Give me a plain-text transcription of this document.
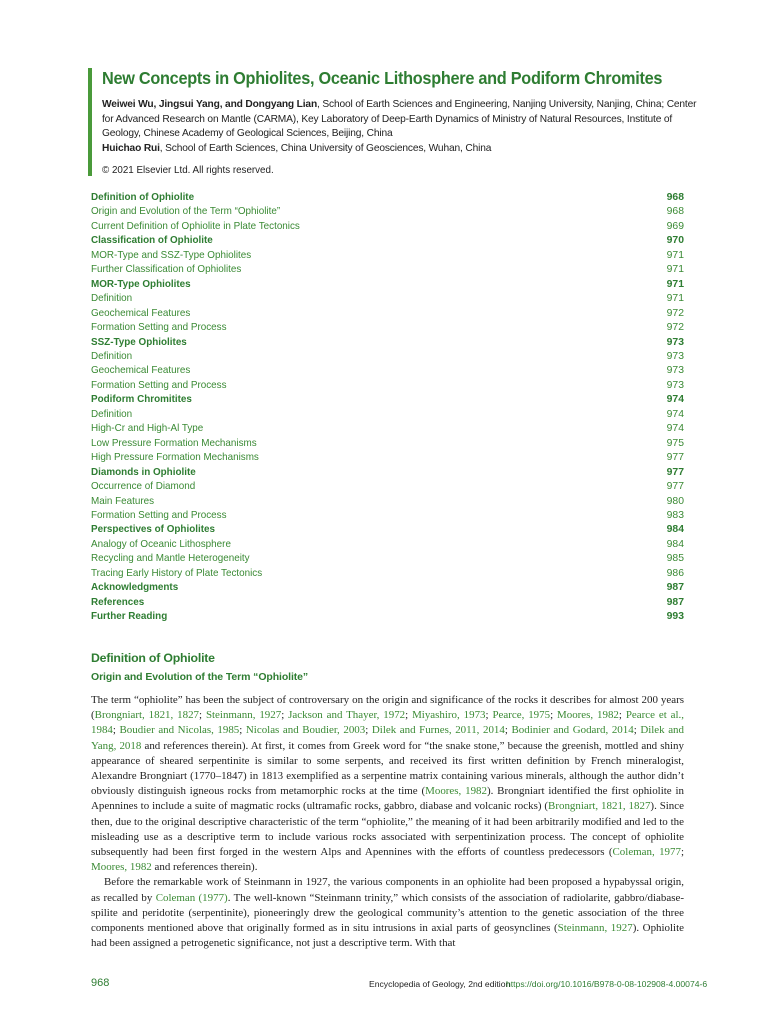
New Concepts in Ophiolites, Oceanic Lithosphere and Podiform Chromites

Weiwei Wu, Jingsui Yang, and Dongyang Lian, School of Earth Sciences and Engineering, Nanjing University, Nanjing, China; Center for Advanced Research on Mantle (CARMA), Key Laboratory of Deep-Earth Dynamics of Ministry of Natural Resources, Institute of Geology, Chinese Academy of Geological Sciences, Beijing, China
Huichao Rui, School of Earth Sciences, China University of Geosciences, Wuhan, China

© 2021 Elsevier Ltd. All rights reserved.
Definition of Ophiolite	968
Origin and Evolution of the Term “Ophiolite”	968
Current Definition of Ophiolite in Plate Tectonics	969
Classification of Ophiolite	970
MOR-Type and SSZ-Type Ophiolites	971
Further Classification of Ophiolites	971
MOR-Type Ophiolites	971
Definition	971
Geochemical Features	972
Formation Setting and Process	972
SSZ-Type Ophiolites	973
Definition	973
Geochemical Features	973
Formation Setting and Process	973
Podiform Chromitites	974
Definition	974
High-Cr and High-Al Type	974
Low Pressure Formation Mechanisms	975
High Pressure Formation Mechanisms	977
Diamonds in Ophiolite	977
Occurrence of Diamond	977
Main Features	980
Formation Setting and Process	983
Perspectives of Ophiolites	984
Analogy of Oceanic Lithosphere	984
Recycling and Mantle Heterogeneity	985
Tracing Early History of Plate Tectonics	986
Acknowledgments	987
References	987
Further Reading	993
Definition of Ophiolite
Origin and Evolution of the Term “Ophiolite”

The term “ophiolite” has been the subject of controversary on the origin and significance of the rocks it describes for almost 200 years (Brongniart, 1821, 1827; Steinmann, 1927; Jackson and Thayer, 1972; Miyashiro, 1973; Pearce, 1975; Moores, 1982; Pearce et al., 1984; Boudier and Nicolas, 1985; Nicolas and Boudier, 2003; Dilek and Furnes, 2011, 2014; Bodinier and Godard, 2014; Dilek and Yang, 2018 and references therein). At first, it comes from Greek word for “the snake stone,” because the greenish, mottled and shiny appearance of sheared serpentinite is similar to some serpents, and received its first written definition by French mineralogist, Alexandre Brongniart (1770–1847) in 1813 exemplified as a serpentine matrix containing various minerals, although the author didn’t obviously distinguish igneous rocks from metamorphic rocks at the time (Moores, 1982). Brongniart identified the first ophiolite in Apennines to include a suite of magmatic rocks (ultramafic rocks, gabbro, diabase and volcanic rocks) (Brongniart, 1821, 1827). Since then, due to the original descriptive characteristic of the term “ophiolite,” the meaning of it had been arbitrarily modified and led to the misleading use as a descriptive term to include various rocks associated with serpentinization process. The concept of ophiolite subsequently had been first forged in the western Alps and Apennines with the efforts of countless predecessors (Coleman, 1977; Moores, 1982 and references therein).

Before the remarkable work of Steinmann in 1927, the various components in an ophiolite had been proposed a hypabyssal origin, as recalled by Coleman (1977). The well-known “Steinmann trinity,” which consists of the association of radiolarite, gabbro/diabase-spilite and peridotite (serpentinite), pioneeringly drew the geological community’s attention to the genetic association of the three components mentioned above that originally formed as in situ intrusions in axial parts of geosynclines (Steinmann, 1927). Ophiolite had been assigned a petrogenetic significance, not just a descriptive term. With that

968	Encyclopedia of Geology, 2nd edition
https://doi.org/10.1016/B978-0-08-102908-4.00074-6
